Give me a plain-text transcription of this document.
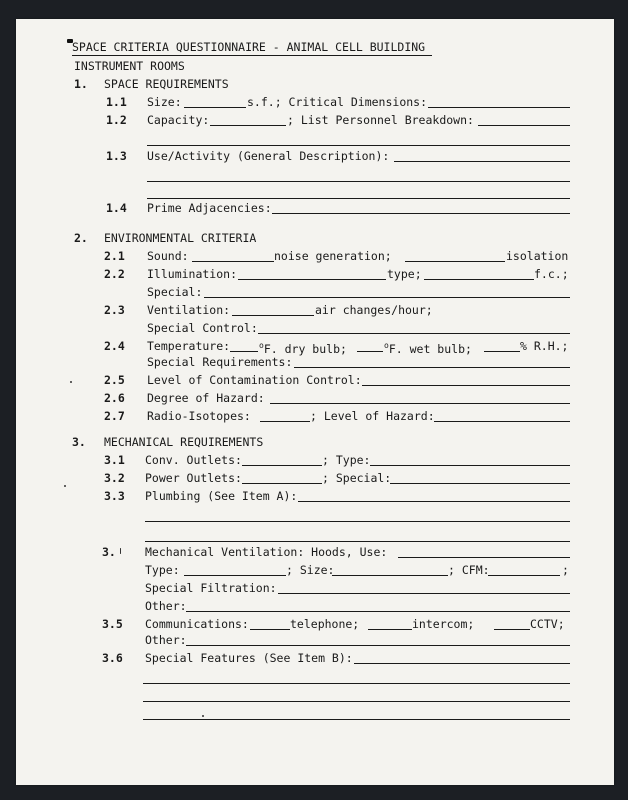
SPACE CRITERIA QUESTIONNAIRE - ANIMAL CELL BUILDING
INSTRUMENT ROOMS
1. SPACE REQUIREMENTS
1.1 Size:	s.f.; Critical Dimensions:
1.2 Capacity:	; List Personnel Breakdown:
1.3 Use/Activity (General Description):
1.4 Prime Adjacencies:
2. ENVIRONMENTAL CRITERIA
2.1 Sound:	noise generation;	isolation
2.2 Illumination:	type;	f.c.;
Special:
2.3 Ventilation:	air changes/hour;
Special Control:
2.4 Temperature:	$^o$F. dry bulb;	$^o$F. wet bulb;	% R.H.;
Special Requirements:
2.5 Level of Contamination Control:
2.6 Degree of Hazard:
2.7 Radio-Isotopes:	; Level of Hazard:
3. MECHANICAL REQUIREMENTS
3.1 Conv. Outlets:	; Type:
3.2 Power Outlets:	; Special:
3.3 Plumbing (See Item A):
3.	Mechanical Ventilation: Hoods, Use:
Type:	; Size:	; CFM:	;
Special Filtration:
Other:
3.5 Communications:	telephone;	intercom;	CCTV;
Other:
3.6 Special Features (See Item B):
